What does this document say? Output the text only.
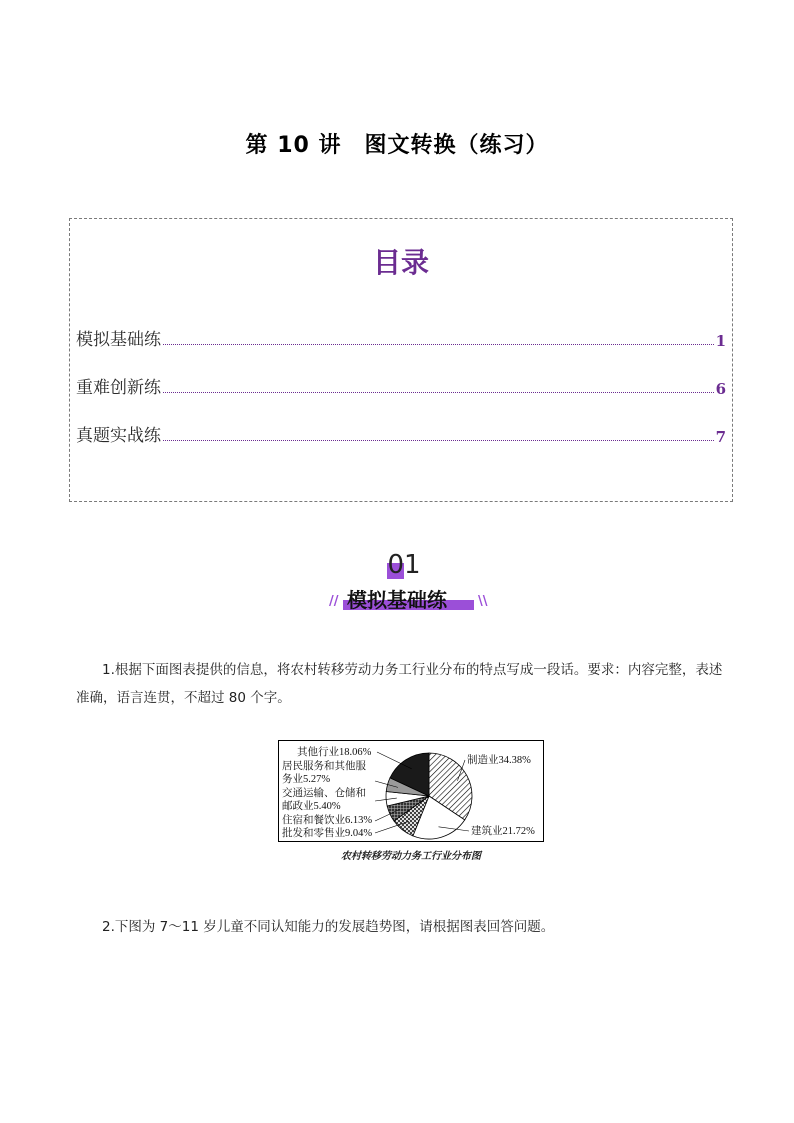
第 10 讲　图文转换（练习）
目录
模拟基础练	1
重难创新练	6
真题实战练	7
01
模拟基础练
//	\\
1.根据下面图表提供的信息，将农村转移劳动力务工行业分布的特点写成一段话。要求：内容完整，表述准确，语言连贯，不超过 80 个字。
制造业34.38%
建筑业21.72%
批发和零售业9.04%
住宿和餐饮业6.13%
交通运输、仓储和
邮政业5.40%
居民服务和其他服
务业5.27%
其他行业18.06%
农村转移劳动力务工行业分布图
2.下图为 7～11 岁儿童不同认知能力的发展趋势图，请根据图表回答问题。
